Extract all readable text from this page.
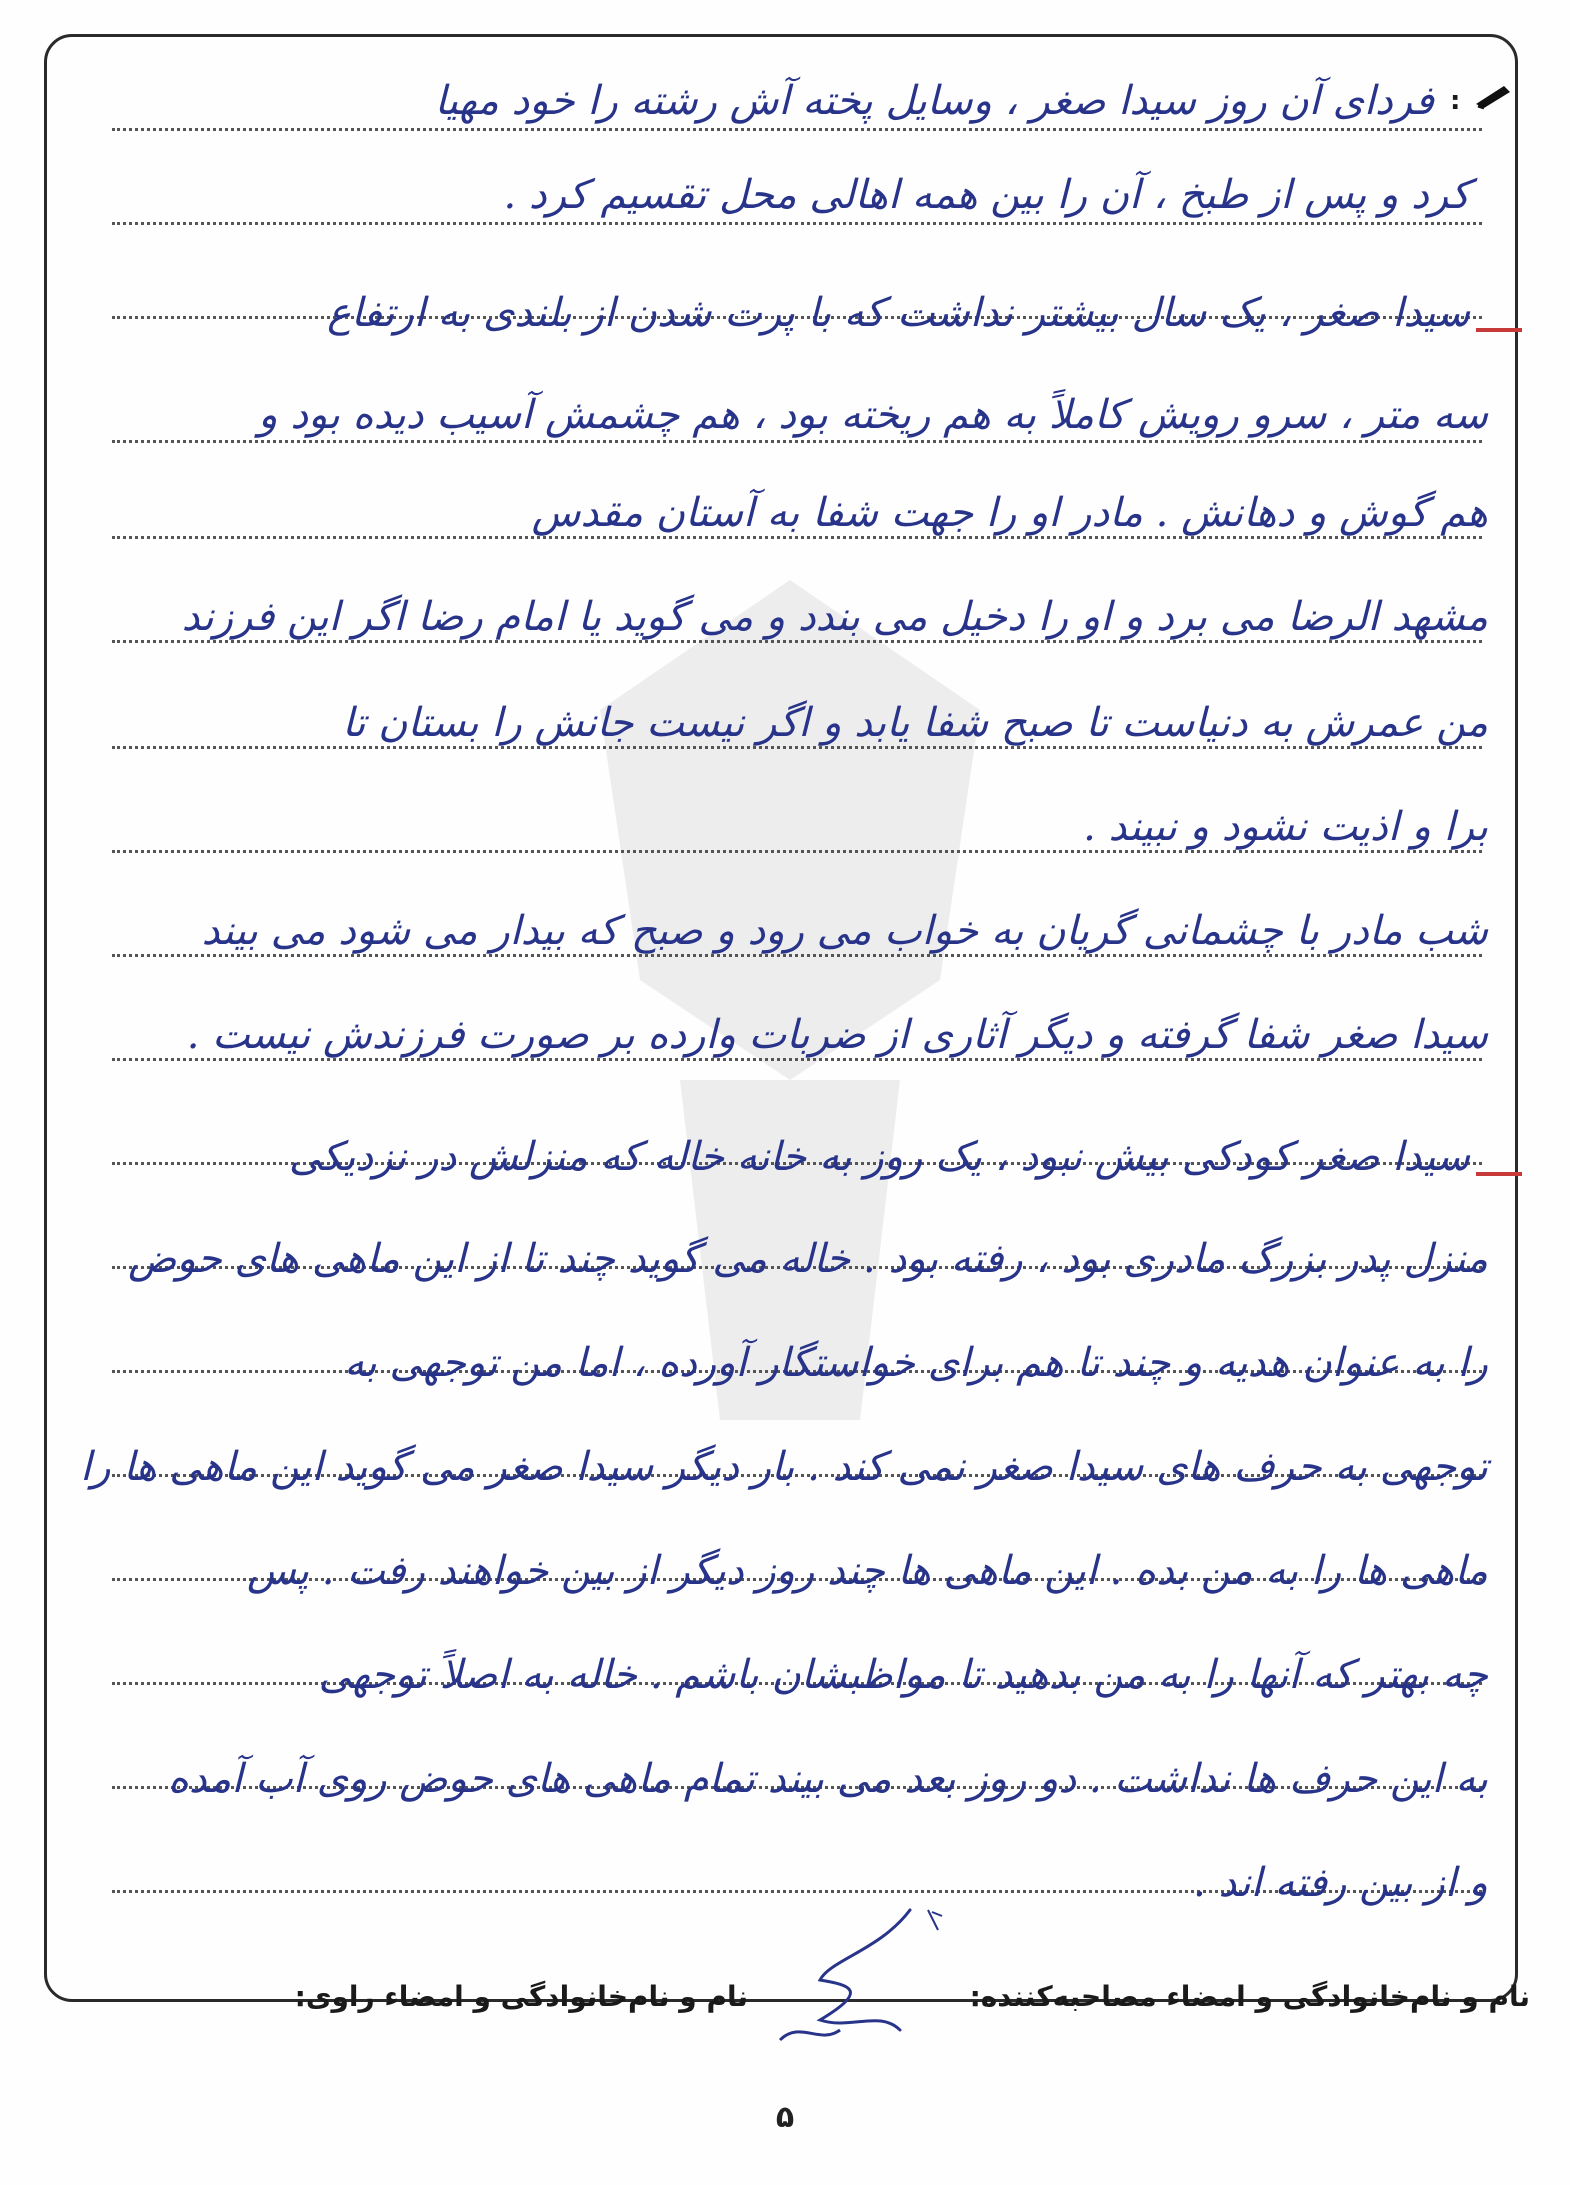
:
فردای آن روز سیدا صغر ، وسایل پخته آش رشته را خود مهیا
کرد و پس از طبخ ، آن را بین همه اهالی محل تقسیم کرد .
سیدا صغر ، یک سال بیشتر نداشت که با پرت شدن از بلندی به ارتفاع
سه متر ، سرو رویش کاملاً به هم ریخته بود ، هم چشمش آسیب دیده بود و
هم گوش و دهانش . مادر او را جهت شفا به آستان مقدس
مشهد الرضا می برد و او را دخیل می بندد و می گوید یا امام رضا اگر این فرزند
من عمرش به دنیاست تا صبح شفا یابد و اگر نیست جانش را بستان تا
برا و اذیت نشود و نبیند .
شب مادر با چشمانی گریان به خواب می رود و صبح که بیدار می شود می بیند
سیدا صغر شفا گرفته و دیگر آثاری از ضربات وارده بر صورت فرزندش نیست .
سیدا صغر کودکی بیش نبود ، یک روز به خانه خاله که منزلش در نزدیکی
منزل پدر بزرگ مادری بود ، رفته بود . خاله می گوید چند تا از این ماهی های حوض
را به عنوان هدیه و چند تا هم برای خواستگار آورده ، اما من توجهی به
توجهی به حرف های سیدا صغر نمی کند . بار دیگر سیدا صغر می گوید این ماهی ها را
ماهی ها را به من بده . این ماهی ها چند روز دیگر از بین خواهند رفت . پس
چه بهتر که آنها را به من بدهید تا مواظبشان باشم . خاله به اصلاً توجهی
به این حرف ها نداشت . دو روز بعد می بیند تمام ماهی های حوض روی آب آمده
و از بین رفته اند .
نام و نام‌خانوادگی و امضاء مصاحبه‌کننده:
نام و نام‌خانوادگی و امضاء راوی:
۵
